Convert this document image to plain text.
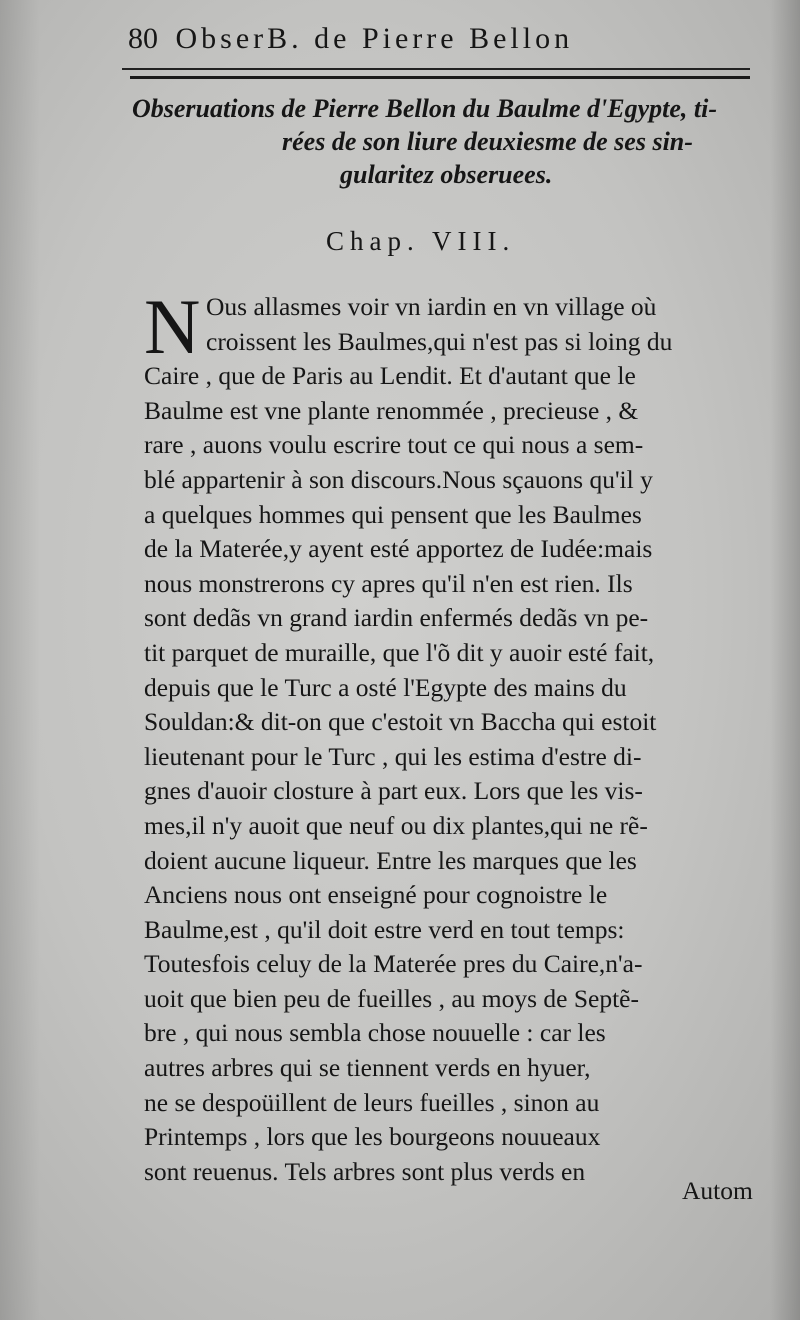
80 ObserB. de Pierre Bellon
Obseruations de Pierre Bellon du Baulme d'Egypte, ti-
rées de son liure deuxiesme de ses sin-
gularitez obseruees.
Chap. VIII.
N Ous allasmes voir vn iardin en vn village où
croissent les Baulmes,qui n'est pas si loing du
Caire , que de Paris au Lendit. Et d'autant que le
Baulme est vne plante renommée , precieuse , &
rare , auons voulu escrire tout ce qui nous a sem-
blé appartenir à son discours.Nous sçauons qu'il y
a quelques hommes qui pensent que les Baulmes
de la Materée,y ayent esté apportez de Iudée:mais
nous monstrerons cy apres qu'il n'en est rien. Ils
sont dedãs vn grand iardin enfermés dedãs vn pe-
tit parquet de muraille, que l'õ dit y auoir esté fait,
depuis que le Turc a osté l'Egypte des mains du
Souldan:& dit-on que c'estoit vn Baccha qui estoit
lieutenant pour le Turc , qui les estima d'estre di-
gnes d'auoir closture à part eux. Lors que les vis-
mes,il n'y auoit que neuf ou dix plantes,qui ne rẽ-
doient aucune liqueur. Entre les marques que les
Anciens nous ont enseigné pour cognoistre le
Baulme,est , qu'il doit estre verd en tout temps:
Toutesfois celuy de la Materée pres du Caire,n'a-
uoit que bien peu de fueilles , au moys de Septẽ-
bre , qui nous sembla chose nouuelle : car les
autres arbres qui se tiennent verds en hyuer,
ne se despoüillent de leurs fueilles , sinon au
Printemps , lors que les bourgeons nouueaux
sont reuenus. Tels arbres sont plus verds en
Autom
